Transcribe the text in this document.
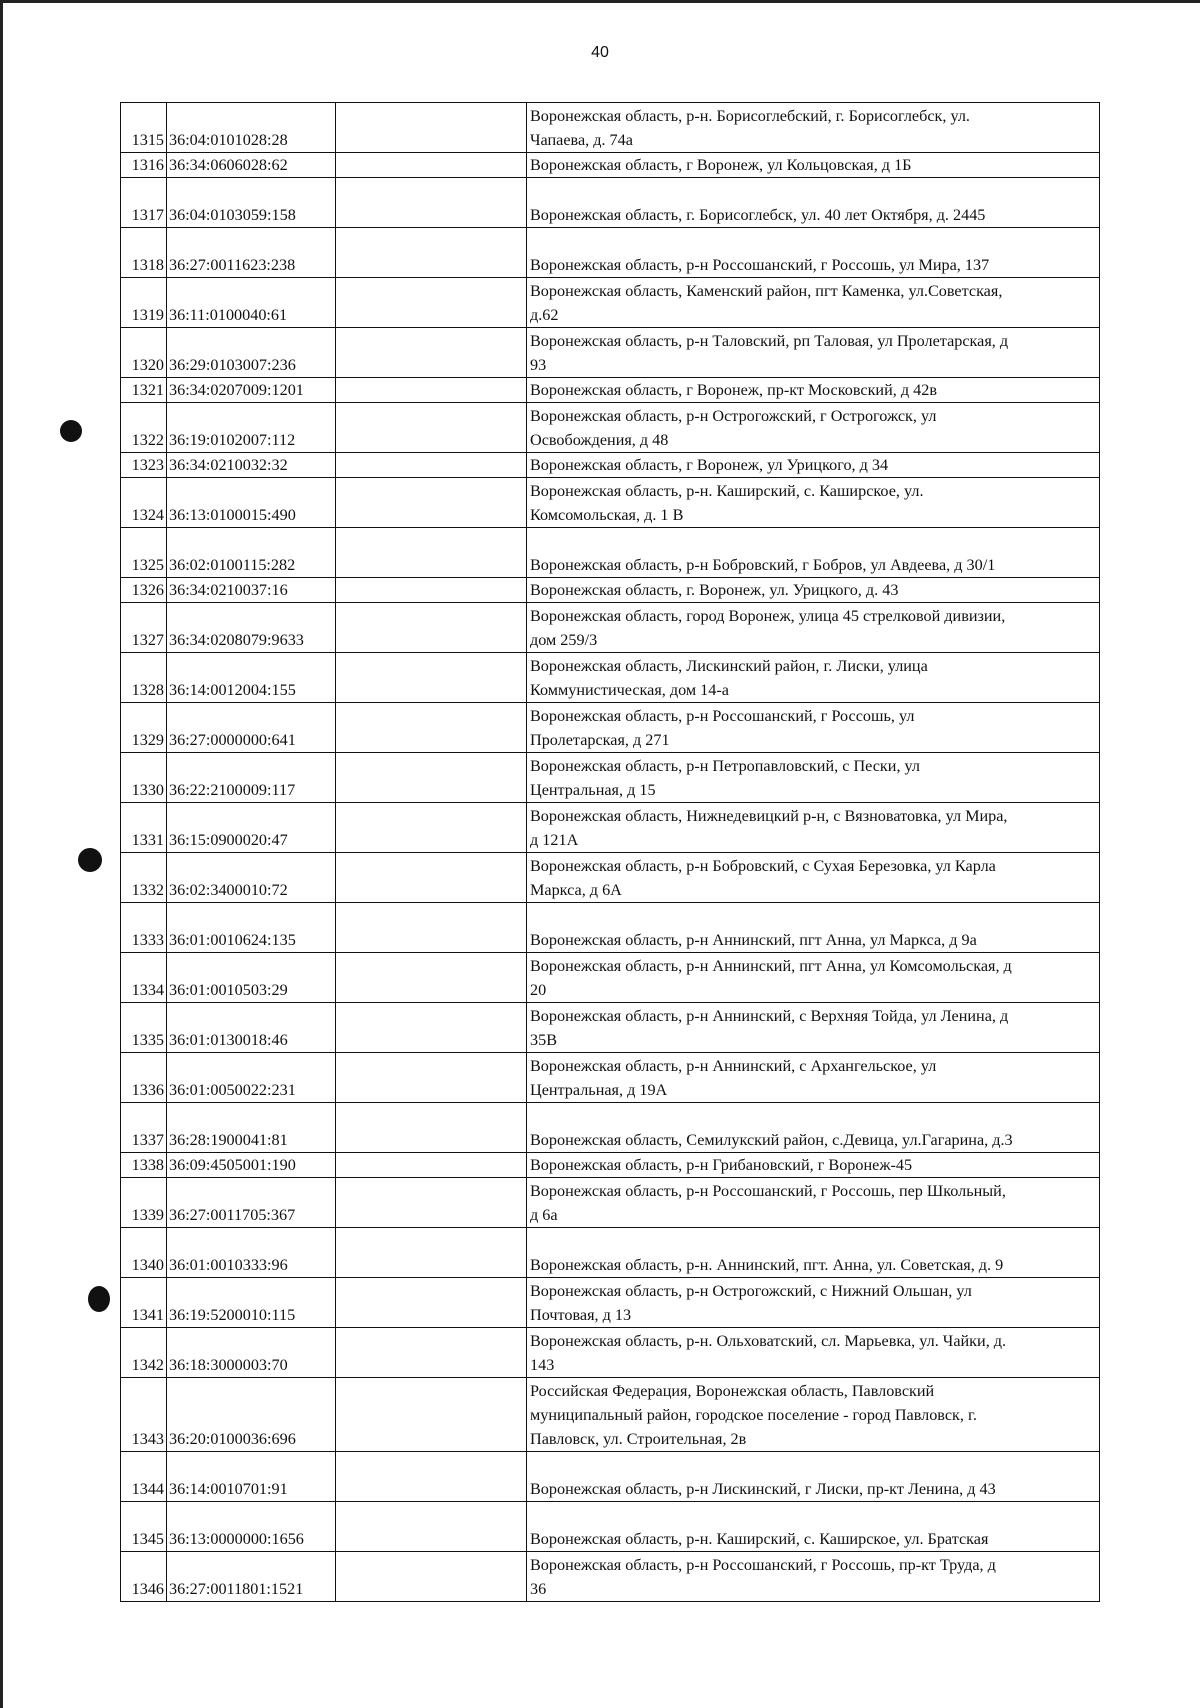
40
1315	36:04:0101028:28		Воронежская область, р-н. Борисоглебский, г. Борисоглебск, ул.
Чапаева, д. 74а
1316	36:34:0606028:62		Воронежская область, г Воронеж, ул Кольцовская, д 1Б
1317	36:04:0103059:158		Воронежская область, г. Борисоглебск, ул. 40 лет Октября, д. 2445
1318	36:27:0011623:238		Воронежская область, р-н Россошанский, г Россошь, ул Мира, 137
1319	36:11:0100040:61		Воронежская область, Каменский район, пгт Каменка, ул.Советская,
д.62
1320	36:29:0103007:236		Воронежская область, р-н Таловский, рп Таловая, ул Пролетарская, д
93
1321	36:34:0207009:1201		Воронежская область, г Воронеж, пр-кт Московский, д 42в
1322	36:19:0102007:112		Воронежская область, р-н Острогожский, г Острогожск, ул
Освобождения, д 48
1323	36:34:0210032:32		Воронежская область, г Воронеж, ул Урицкого, д 34
1324	36:13:0100015:490		Воронежская область, р-н. Каширский, с. Каширское, ул.
Комсомольская, д. 1 В
1325	36:02:0100115:282		Воронежская область, р-н Бобровский, г Бобров, ул Авдеева, д 30/1
1326	36:34:0210037:16		Воронежская область, г. Воронеж, ул. Урицкого, д. 43
1327	36:34:0208079:9633		Воронежская область, город Воронеж, улица 45 стрелковой дивизии,
дом 259/3
1328	36:14:0012004:155		Воронежская область, Лискинский район, г. Лиски, улица
Коммунистическая, дом 14-а
1329	36:27:0000000:641		Воронежская область, р-н Россошанский, г Россошь, ул
Пролетарская, д 271
1330	36:22:2100009:117		Воронежская область, р-н Петропавловский, с Пески, ул
Центральная, д 15
1331	36:15:0900020:47		Воронежская область, Нижнедевицкий р-н, с Вязноватовка, ул Мира,
д 121А
1332	36:02:3400010:72		Воронежская область, р-н Бобровский, с Сухая Березовка, ул Карла
Маркса, д 6А
1333	36:01:0010624:135		Воронежская область, р-н Аннинский, пгт Анна, ул Маркса, д 9а
1334	36:01:0010503:29		Воронежская область, р-н Аннинский, пгт Анна, ул Комсомольская, д
20
1335	36:01:0130018:46		Воронежская область, р-н Аннинский, с Верхняя Тойда, ул Ленина, д
35В
1336	36:01:0050022:231		Воронежская область, р-н Аннинский, с Архангельское, ул
Центральная, д 19А
1337	36:28:1900041:81		Воронежская область, Семилукский район, с.Девица, ул.Гагарина, д.3
1338	36:09:4505001:190		Воронежская область, р-н Грибановский, г Воронеж-45
1339	36:27:0011705:367		Воронежская область, р-н Россошанский, г Россошь, пер Школьный,
д 6а
1340	36:01:0010333:96		Воронежская область, р-н. Аннинский, пгт. Анна, ул. Советская, д. 9
1341	36:19:5200010:115		Воронежская область, р-н Острогожский, с Нижний Ольшан, ул
Почтовая, д 13
1342	36:18:3000003:70		Воронежская область, р-н. Ольховатский, сл. Марьевка, ул. Чайки, д.
143
1343	36:20:0100036:696		Российская Федерация, Воронежская область, Павловский
муниципальный район, городское поселение - город Павловск, г.
Павловск, ул. Строительная, 2в
1344	36:14:0010701:91		Воронежская область, р-н Лискинский, г Лиски, пр-кт Ленина, д 43
1345	36:13:0000000:1656		Воронежская область, р-н. Каширский, с. Каширское, ул. Братская
1346	36:27:0011801:1521		Воронежская область, р-н Россошанский, г Россошь, пр-кт Труда, д
36
